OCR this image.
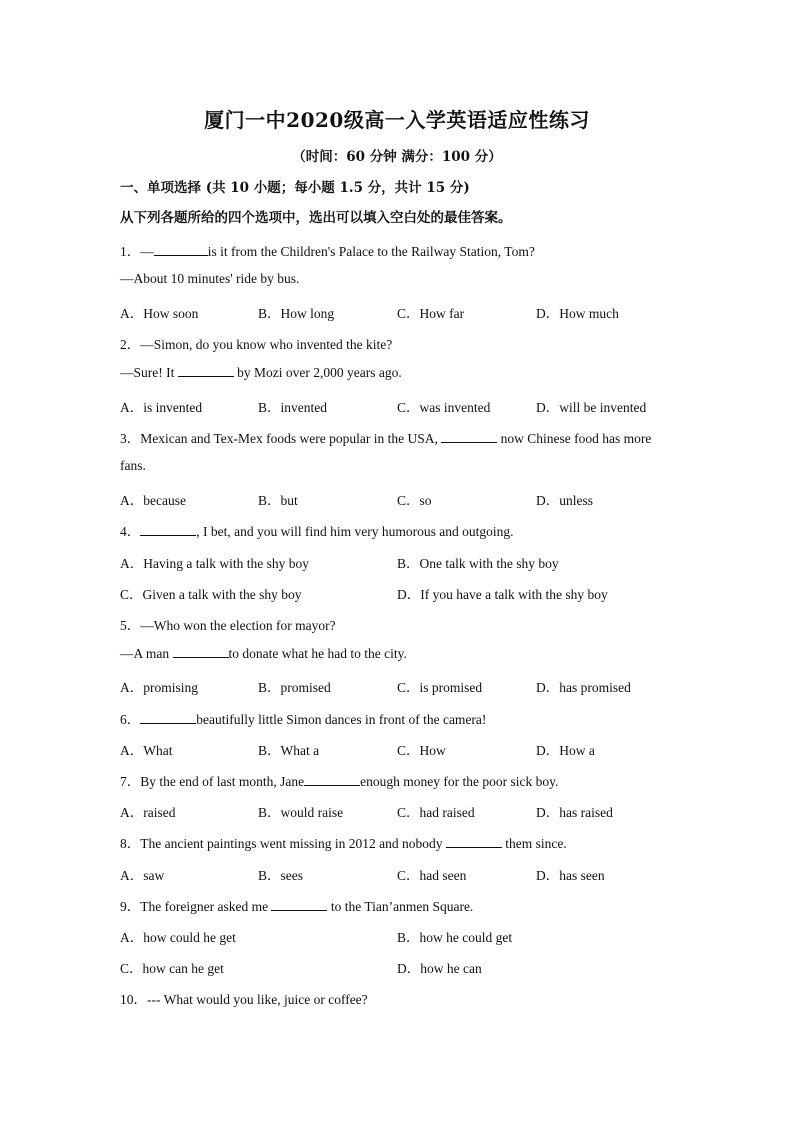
厦门一中2020级高一入学英语适应性练习
（时间：60 分钟 满分：100 分）
一、单项选择 (共 10 小题；每小题 1.5 分，共计 15 分)
从下列各题所给的四个选项中，选出可以填入空白处的最佳答案。
1．—	is it from the Children's Palace to the Railway Station, Tom?
—About 10 minutes' ride by bus.
A．How soon	B．How long	C．How far	D．How much
2．—Simon, do you know who invented the kite?
—Sure! It	by Mozi over 2,000 years ago.
A．is invented	B．invented	C．was invented	D．will be invented
3．Mexican and Tex-Mex foods were popular in the USA,	now Chinese food has more
fans.
A．because	B．but	C．so	D．unless
4．	, I bet, and you will find him very humorous and outgoing.
A．Having a talk with the shy boy	B．One talk with the shy boy
C．Given a talk with the shy boy	D．If you have a talk with the shy boy
5．—Who won the election for mayor?
—A man	to donate what he had to the city.
A．promising	B．promised	C．is promised	D．has promised
6．	beautifully little Simon dances in front of the camera!
A．What	B．What a	C．How	D．How a
7．By the end of last month, Jane	enough money for the poor sick boy.
A．raised	B．would raise	C．had raised	D．has raised
8．The ancient paintings went missing in 2012 and nobody	them since.
A．saw	B．sees	C．had seen	D．has seen
9．The foreigner asked me	to the Tian’anmen Square.
A．how could he get	B．how he could get
C．how can he get	D．how he can
10．--- What would you like, juice or coffee?
